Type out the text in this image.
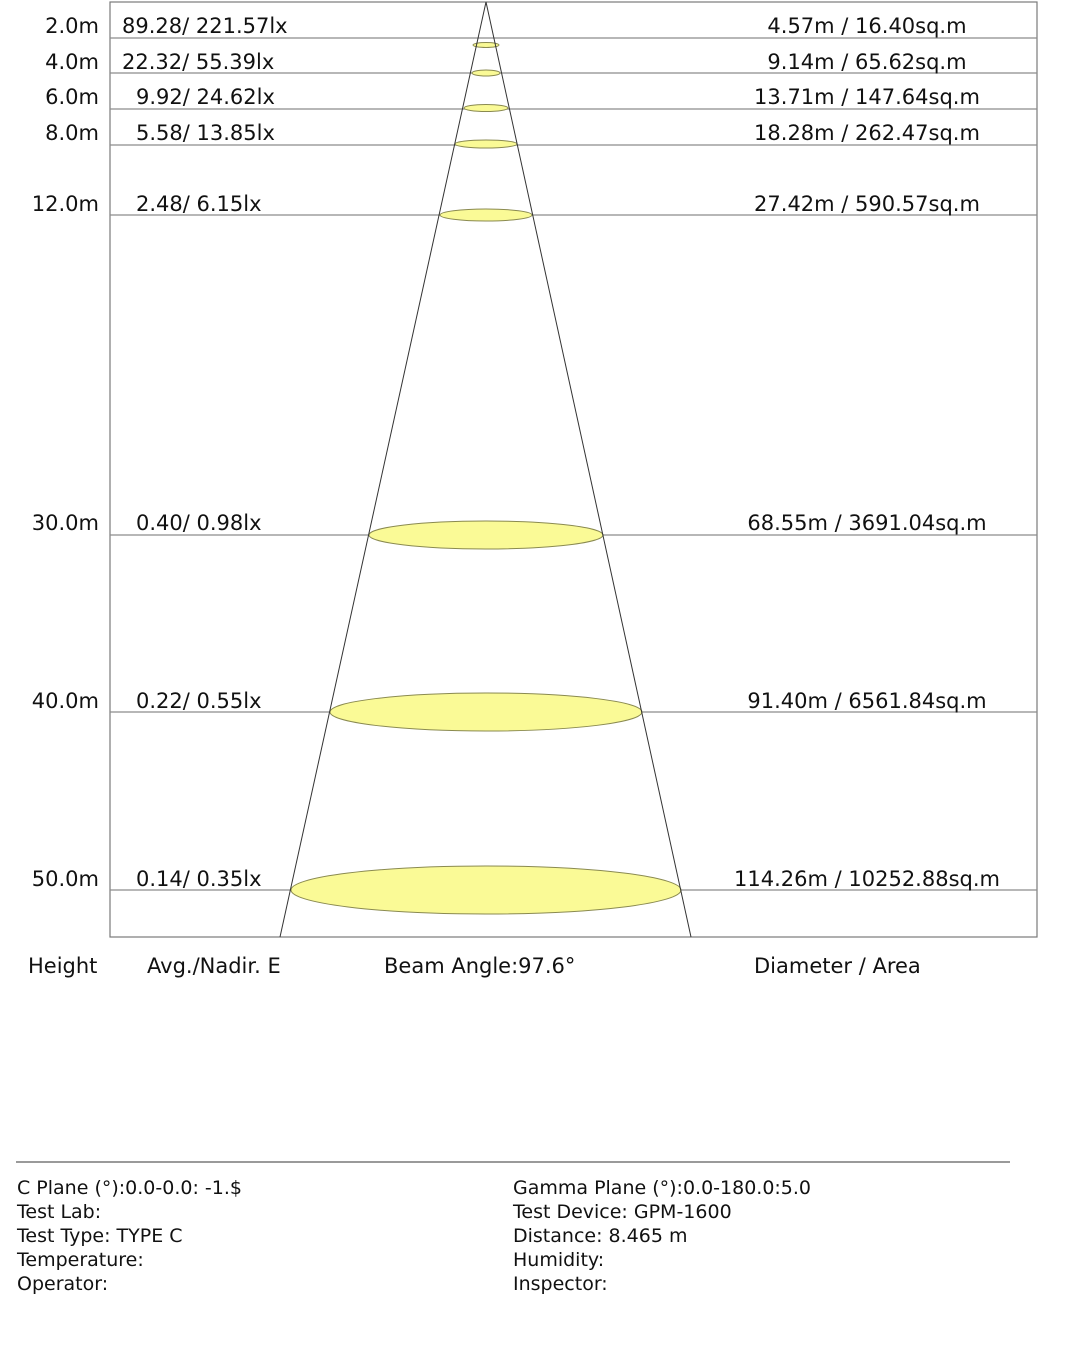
2.0m 89.28/ 221.57lx	4.57m / 16.40sq.m
4.0m 22.32/ 55.39lx	9.14m / 65.62sq.m
6.0m 9.92/ 24.62lx	13.71m / 147.64sq.m
8.0m 5.58/ 13.85lx	18.28m / 262.47sq.m
12.0m 2.48/ 6.15lx	27.42m / 590.57sq.m
30.0m 0.40/ 0.98lx	68.55m / 3691.04sq.m
40.0m 0.22/ 0.55lx	91.40m / 6561.84sq.m
50.0m 0.14/ 0.35lx	114.26m / 10252.88sq.m
Height Avg./Nadir. E	Beam Angle:97.6°	Diameter / Area
C Plane (°):0.0-0.0: -1.$
Test Lab:
Test Type: TYPE C
Temperature:
Operator:
Gamma Plane (°):0.0-180.0:5.0
Test Device: GPM-1600
Distance: 8.465 m
Humidity:
Inspector:
